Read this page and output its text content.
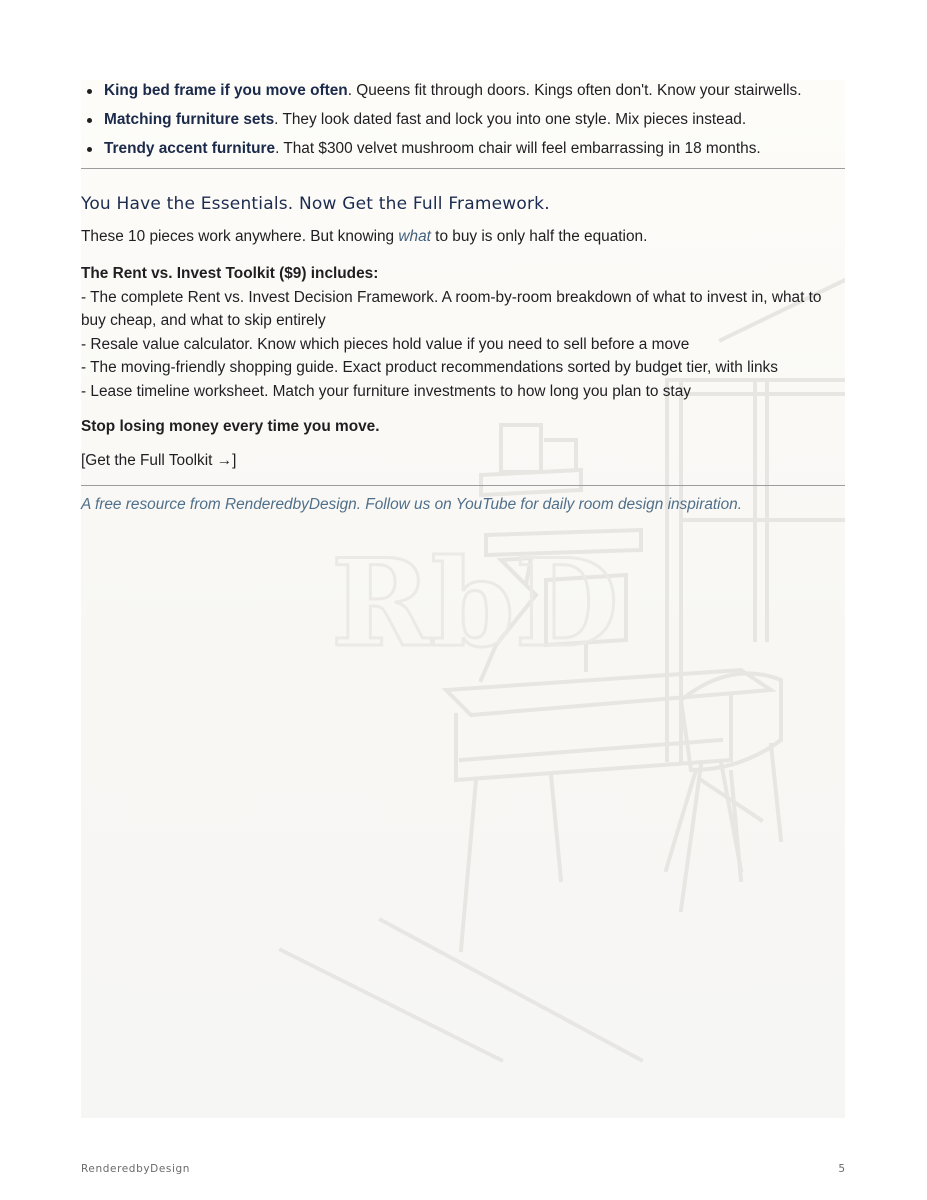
RbD
King bed frame if you move often. Queens fit through doors. Kings often don't. Know your stairwells.
Matching furniture sets. They look dated fast and lock you into one style. Mix pieces instead.
Trendy accent furniture. That $300 velvet mushroom chair will feel embarrassing in 18 months.
You Have the Essentials. Now Get the Full Framework.

These 10 pieces work anywhere. But knowing what to buy is only half the equation.

The Rent vs. Invest Toolkit ($9) includes:
- The complete Rent vs. Invest Decision Framework. A room-by-room breakdown of what to invest in, what to buy cheap, and what to skip entirely
- Resale value calculator. Know which pieces hold value if you need to sell before a move
- The moving-friendly shopping guide. Exact product recommendations sorted by budget tier, with links
- Lease timeline worksheet. Match your furniture investments to how long you plan to stay
Stop losing money every time you move.
[Get the Full Toolkit →]
A free resource from RenderedbyDesign. Follow us on YouTube for daily room design inspiration.
RenderedbyDesign	5
